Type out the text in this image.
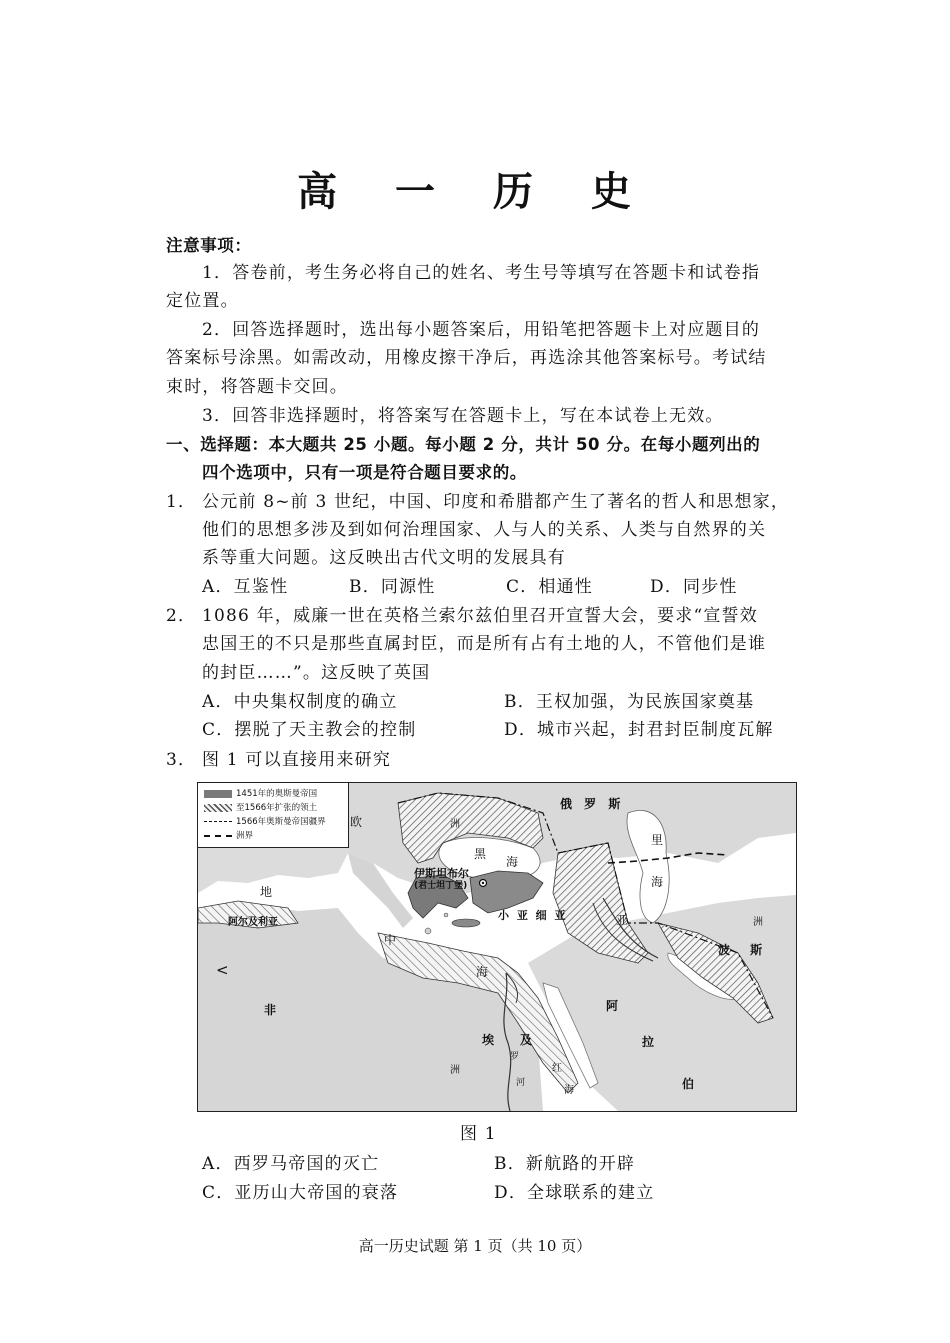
高 一 历 史
注意事项：
1．答卷前，考生务必将自己的姓名、考生号等填写在答题卡和试卷指
定位置。
2．回答选择题时，选出每小题答案后，用铅笔把答题卡上对应题目的
答案标号涂黑。如需改动，用橡皮擦干净后，再选涂其他答案标号。考试结
束时，将答题卡交回。
3．回答非选择题时，将答案写在答题卡上，写在本试卷上无效。
一、选择题：本大题共 25 小题。每小题 2 分，共计 50 分。在每小题列出的
四个选项中，只有一项是符合题目要求的。
1． 公元前 8~前 3 世纪，中国、印度和希腊都产生了著名的哲人和思想家，
他们的思想多涉及到如何治理国家、人与人的关系、人类与自然界的关
系等重大问题。这反映出古代文明的发展具有
A．互鉴性	B．同源性	C．相通性	D．同步性
2． 1086 年，威廉一世在英格兰索尔兹伯里召开宣誓大会，要求“宣誓效
忠国王的不只是那些直属封臣，而是所有占有土地的人，不管他们是谁
的封臣……”。这反映了英国
A．中央集权制度的确立	B．王权加强，为民族国家奠基
C．摆脱了天主教会的控制	D．城市兴起，封君封臣制度瓦解
3． 图 1 可以直接用来研究
1451年的奥斯曼帝国
至1566年扩张的领土
1566年奥斯曼帝国疆界
洲界
俄 罗 斯
欧	洲
里
海
黑
海
伊斯坦布尔
(君士坦丁堡)
地
阿尔及利亚
中
海
小 亚 细 亚	亚	洲
波 斯
非
洲
埃 及
罗
河
红
海
阿
拉
伯
<
图 1
A．西罗马帝国的灭亡	B．新航路的开辟
C．亚历山大帝国的衰落	D．全球联系的建立
高一历史试题 第 1 页（共 10 页）
